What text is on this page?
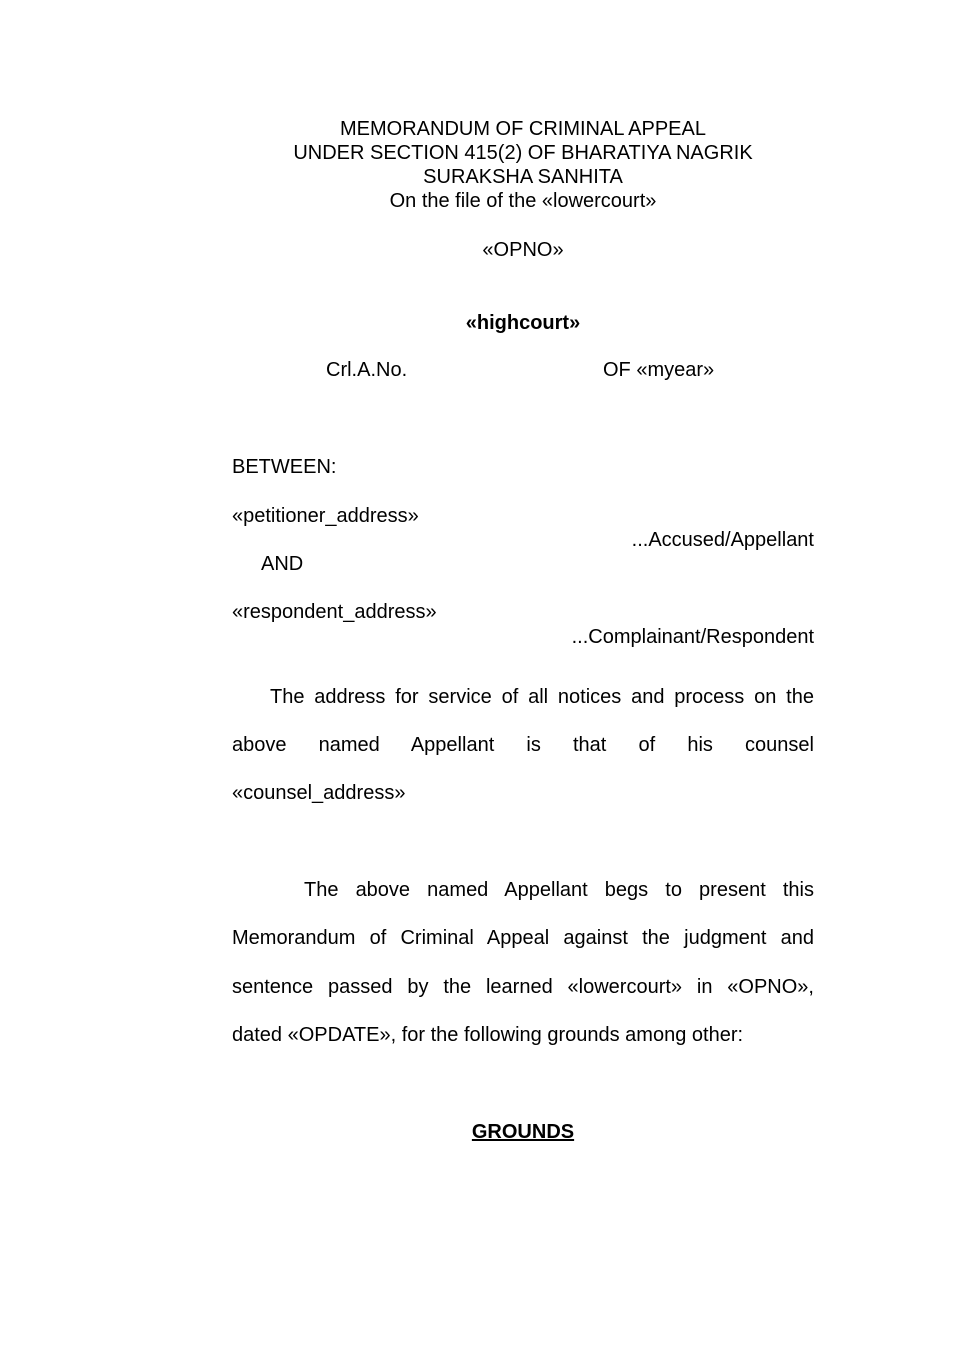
MEMORANDUM OF CRIMINAL APPEAL
UNDER SECTION 415(2) OF BHARATIYA NAGRIK
SURAKSHA SANHITA
On the file of the «lowercourt»
«OPNO»
«highcourt»
Crl.A.No.	OF «myear»
BETWEEN:
«petitioner_address»
...Accused/Appellant
AND
«respondent_address»
...Complainant/Respondent
The address for service of all notices and process on the
above named Appellant is that of his counsel
«counsel_address»
The above named Appellant begs to present this
Memorandum of Criminal Appeal against the judgment and
sentence passed by the learned «lowercourt» in «OPNO»,
dated «OPDATE», for the following grounds among other:
GROUNDS
